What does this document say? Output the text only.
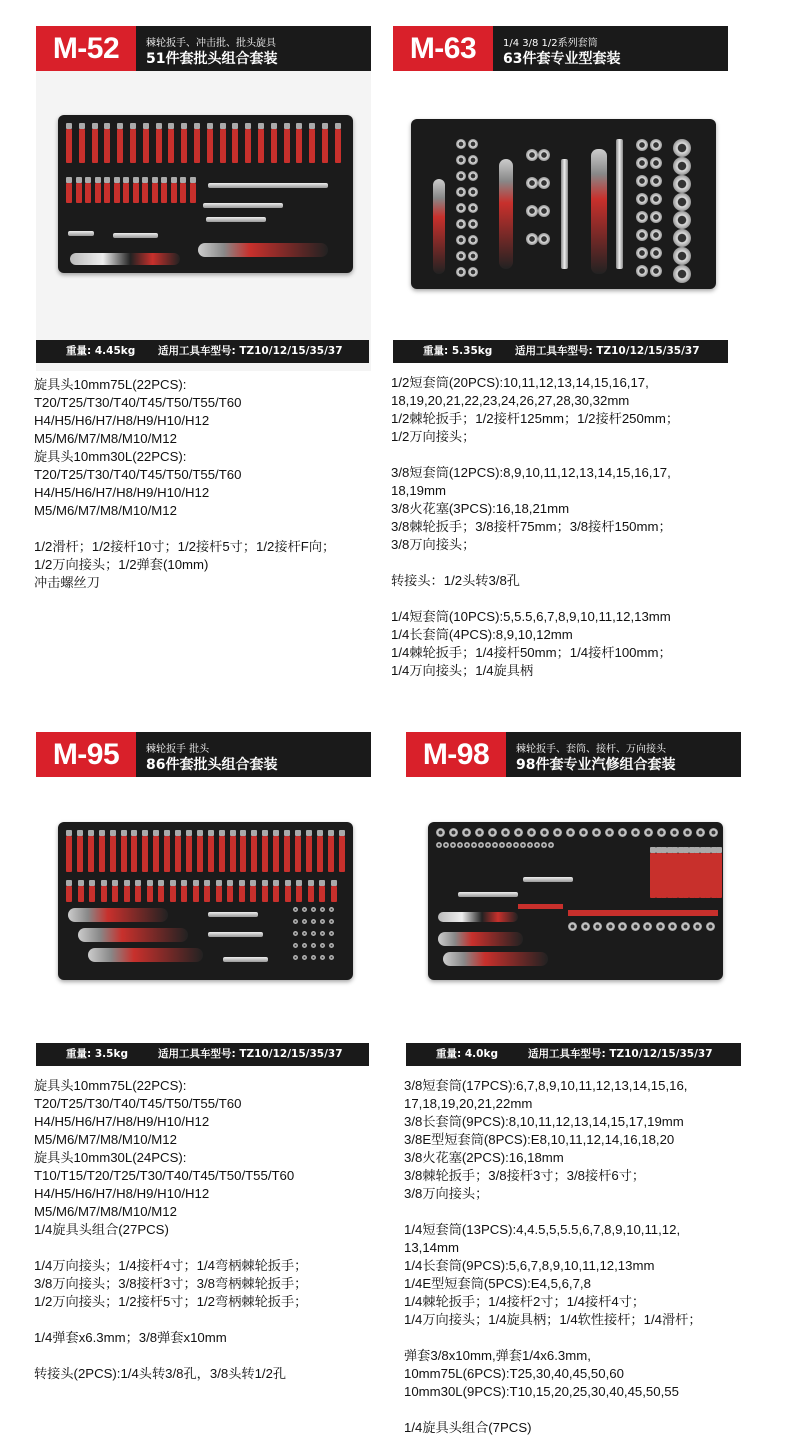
M-52	棘轮扳手、冲击批、批头旋具
51件套批头组合套装
重量: 4.45kg 适用工具车型号: TZ10/12/15/35/37
旋具头10mm75L(22PCS):
T20/T25/T30/T40/T45/T50/T55/T60
H4/H5/H6/H7/H8/H9/H10/H12
M5/M6/M7/M8/M10/M12
旋具头10mm30L(22PCS):
T20/T25/T30/T40/T45/T50/T55/T60
H4/H5/H6/H7/H8/H9/H10/H12
M5/M6/M7/M8/M10/M12
1/2滑杆；1/2接杆10寸；1/2接杆5寸；1/2接杆F向；
1/2万向接头；1/2弹套(10mm)
冲击螺丝刀
M-63	1/4 3/8 1/2系列套筒
63件套专业型套装
重量: 5.35kg 适用工具车型号: TZ10/12/15/35/37
1/2短套筒(20PCS):10,11,12,13,14,15,16,17,
18,19,20,21,22,23,24,26,27,28,30,32mm
1/2棘轮扳手；1/2接杆125mm；1/2接杆250mm；
1/2万向接头；
3/8短套筒(12PCS):8,9,10,11,12,13,14,15,16,17,
18,19mm
3/8火花塞(3PCS):16,18,21mm
3/8棘轮扳手；3/8接杆75mm；3/8接杆150mm；
3/8万向接头；
转接头：1/2头转3/8孔
1/4短套筒(10PCS):5,5.5,6,7,8,9,10,11,12,13mm
1/4长套筒(4PCS):8,9,10,12mm
1/4棘轮扳手；1/4接杆50mm；1/4接杆100mm；
1/4万向接头；1/4旋具柄
M-95	棘轮扳手 批头
86件套批头组合套装
重量: 3.5kg	适用工具车型号: TZ10/12/15/35/37
旋具头10mm75L(22PCS):
T20/T25/T30/T40/T45/T50/T55/T60
H4/H5/H6/H7/H8/H9/H10/H12
M5/M6/M7/M8/M10/M12
旋具头10mm30L(24PCS):
T10/T15/T20/T25/T30/T40/T45/T50/T55/T60
H4/H5/H6/H7/H8/H9/H10/H12
M5/M6/M7/M8/M10/M12
1/4旋具头组合(27PCS)
1/4万向接头；1/4接杆4寸；1/4弯柄棘轮扳手；
3/8万向接头；3/8接杆3寸；3/8弯柄棘轮扳手；
1/2万向接头；1/2接杆5寸；1/2弯柄棘轮扳手；
1/4弹套x6.3mm；3/8弹套x10mm
转接头(2PCS):1/4头转3/8孔，3/8头转1/2孔
M-98	棘轮扳手、套筒、接杆、万向接头
98件套专业汽修组合套装
重量: 4.0kg	适用工具车型号: TZ10/12/15/35/37
3/8短套筒(17PCS):6,7,8,9,10,11,12,13,14,15,16,
17,18,19,20,21,22mm
3/8长套筒(9PCS):8,10,11,12,13,14,15,17,19mm
3/8E型短套筒(8PCS):E8,10,11,12,14,16,18,20
3/8火花塞(2PCS):16,18mm
3/8棘轮扳手；3/8接杆3寸；3/8接杆6寸；
3/8万向接头；
1/4短套筒(13PCS):4,4.5,5,5.5,6,7,8,9,10,11,12,
13,14mm
1/4长套筒(9PCS):5,6,7,8,9,10,11,12,13mm
1/4E型短套筒(5PCS):E4,5,6,7,8
1/4棘轮扳手；1/4接杆2寸；1/4接杆4寸；
1/4万向接头；1/4旋具柄；1/4软性接杆；1/4滑杆；
弹套3/8x10mm,弹套1/4x6.3mm,
10mm75L(6PCS):T25,30,40,45,50,60
10mm30L(9PCS):T10,15,20,25,30,40,45,50,55
1/4旋具头组合(7PCS)
